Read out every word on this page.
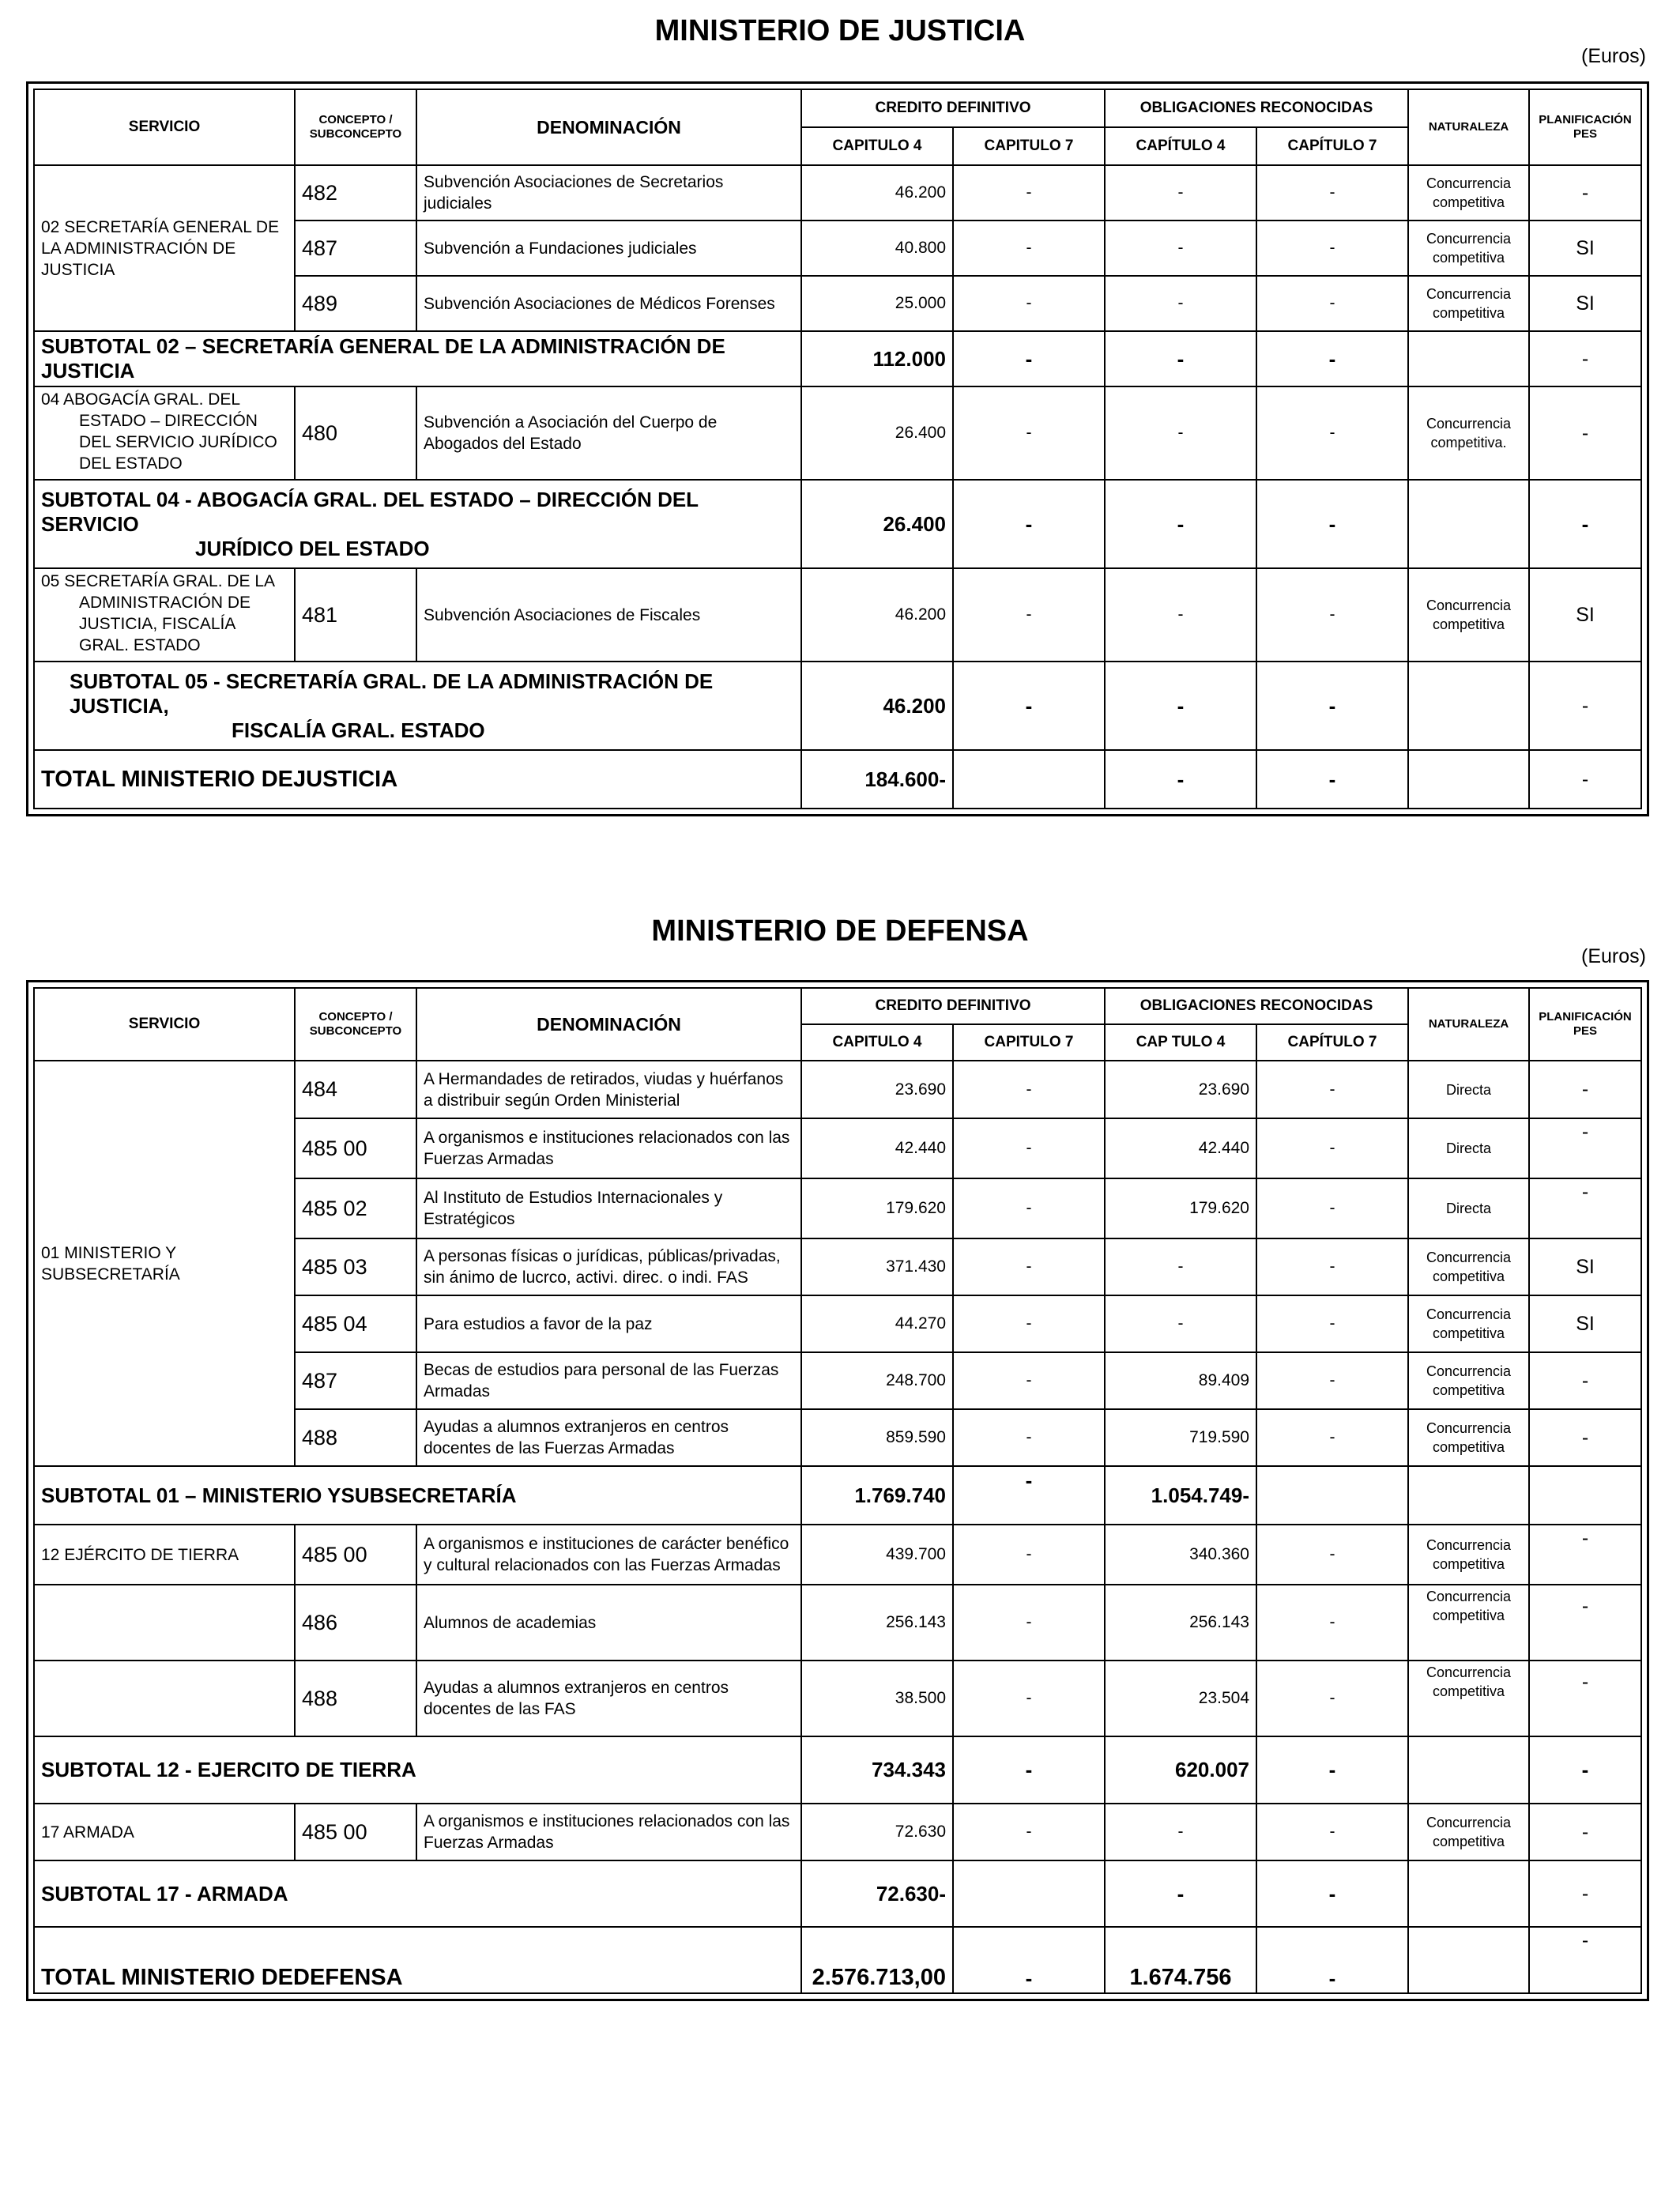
MINISTERIO DE JUSTICIA
(Euros)
SERVICIO	CONCEPTO / SUBCONCEPTO	DENOMINACIÓN	CREDITO DEFINITIVO		OBLIGACIONES RECONOCIDAS		NATURALEZA	PLANIFICACIÓN PES
			CAPITULO 4	CAPITULO 7	CAPÍTULO 4	CAPÍTULO 7		
02 SECRETARÍA GENERAL DE LA ADMINISTRACIÓN DE JUSTICIA	482	Subvención Asociaciones de Secretarios judiciales	46.200	-	-	-	Concurrencia competitiva	-
	487	Subvención a Fundaciones judiciales	40.800	-	-	-	Concurrencia competitiva	SI
	489	Subvención Asociaciones de Médicos Forenses	25.000	-	-	-	Concurrencia competitiva	SI
SUBTOTAL 02 – SECRETARÍA GENERAL DE LA ADMINISTRACIÓN DE JUSTICIA			112.000	-	-	-		-

04 ABOGACÍA GRAL. DEL
ESTADO – DIRECCIÓN DEL SERVICIO JURÍDICO DEL ESTADO	480	Subvención a Asociación del Cuerpo de Abogados del Estado	26.400	-	-	-	Concurrencia competitiva.	-

SUBTOTAL 04 - ABOGACÍA GRAL. DEL ESTADO – DIRECCIÓN DEL SERVICIO
JURÍDICO DEL ESTADO			26.400	-	-	-		-

05 SECRETARÍA GRAL. DE LA
ADMINISTRACIÓN DE JUSTICIA, FISCALÍA GRAL. ESTADO	481	Subvención Asociaciones de Fiscales	46.200	-	-	-	Concurrencia competitiva	SI

SUBTOTAL 05 - SECRETARÍA GRAL. DE LA ADMINISTRACIÓN DE JUSTICIA,
FISCALÍA GRAL. ESTADO			46.200	-	-	-		-
TOTAL MINISTERIO DEJUSTICIA			184.600-		-	-		-
MINISTERIO DE DEFENSA
(Euros)
SERVICIO	CONCEPTO / SUBCONCEPTO	DENOMINACIÓN	CREDITO DEFINITIVO		OBLIGACIONES RECONOCIDAS		NATURALEZA	PLANIFICACIÓN PES
			CAPITULO 4	CAPITULO 7	CAP TULO 4	CAPÍTULO 7		
01 MINISTERIO Y SUBSECRETARÍA	484	A Hermandades de retirados, viudas y huérfanos a distribuir según Orden Ministerial	23.690	-	23.690	-	Directa	-
	485 00	A organismos e instituciones relacionados con las Fuerzas Armadas	42.440	-	42.440	-	Directa	-
	485 02	Al Instituto de Estudios Internacionales y Estratégicos	179.620	-	179.620	-	Directa	-
	485 03	A personas físicas o jurídicas, públicas/privadas, sin ánimo de lucrco, activi. direc. o indi. FAS	371.430	-	-	-	Concurrencia competitiva	SI
	485 04	Para estudios a favor de la paz	44.270	-	-	-	Concurrencia competitiva	SI
	487	Becas de estudios para personal de las Fuerzas Armadas	248.700	-	89.409	-	Concurrencia competitiva	-
	488	Ayudas a alumnos extranjeros en centros docentes de las Fuerzas Armadas	859.590	-	719.590	-	Concurrencia competitiva	-
SUBTOTAL 01 – MINISTERIO YSUBSECRETARÍA			1.769.740	-	1.054.749-			
12 EJÉRCITO DE TIERRA	485 00	A organismos e instituciones de carácter benéfico y cultural relacionados con las Fuerzas Armadas	439.700	-	340.360	-	Concurrencia competitiva	-
	486	Alumnos de academias	256.143	-	256.143	-	Concurrencia competitiva	-
	488	Ayudas a alumnos extranjeros en centros docentes de las FAS	38.500	-	23.504	-	Concurrencia competitiva	-
SUBTOTAL 12 - EJERCITO DE TIERRA			734.343	-	620.007	-		-
17 ARMADA	485 00	A organismos e instituciones relacionados con las Fuerzas Armadas	72.630	-	-	-	Concurrencia competitiva	-
SUBTOTAL 17 - ARMADA			72.630-		-	-		-
TOTAL MINISTERIO DEDEFENSA			2.576.713,00	-	1.674.756	-		-
